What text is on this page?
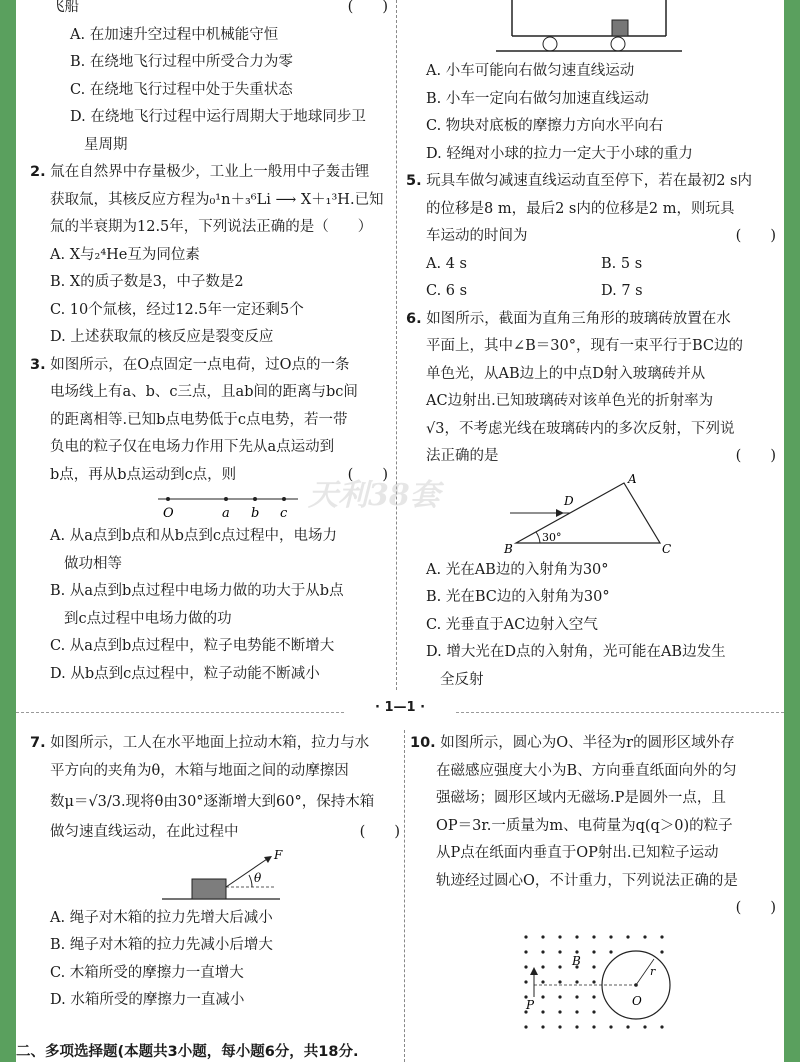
· 1—1 ·
天利38套
飞船	(　　)
A. 在加速升空过程中机械能守恒
B. 在绕地飞行过程中所受合力为零
C. 在绕地飞行过程中处于失重状态
D. 在绕地飞行过程中运行周期大于地球同步卫
星周期
2. 氚在自然界中存量极少，工业上一般用中子轰击锂
获取氚，其核反应方程为₀¹n＋₃⁶Li ⟶ X＋₁³H.已知
氚的半衰期为12.5年，下列说法正确的是（　　）
A. X与₂⁴He互为同位素
B. X的质子数是3，中子数是2
C. 10个氚核，经过12.5年一定还剩5个
D. 上述获取氚的核反应是裂变反应
3. 如图所示，在O点固定一点电荷，过O点的一条
电场线上有a、b、c三点，且ab间的距离与bc间
的距离相等.已知b点电势低于c点电势，若一带
负电的粒子仅在电场力作用下先从a点运动到
b点，再从b点运动到c点，则	(　　)
O	a b c
A. 从a点到b点和从b点到c点过程中，电场力
做功相等
B. 从a点到b点过程中电场力做的功大于从b点
到c点过程中电场力做的功
C. 从a点到b点过程中，粒子电势能不断增大
D. 从b点到c点过程中，粒子动能不断减小
A. 小车可能向右做匀速直线运动
B. 小车一定向右做匀加速直线运动
C. 物块对底板的摩擦力方向水平向右
D. 轻绳对小球的拉力一定大于小球的重力
5. 玩具车做匀减速直线运动直至停下，若在最初2 s内
的位移是8 m，最后2 s内的位移是2 m，则玩具
车运动的时间为	(　　)
A. 4 s	B. 5 s
C. 6 s	D. 7 s
6. 如图所示，截面为直角三角形的玻璃砖放置在水
平面上，其中∠B＝30°，现有一束平行于BC边的
单色光，从AB边上的中点D射入玻璃砖并从
AC边射出.已知玻璃砖对该单色光的折射率为
√3，不考虑光线在玻璃砖内的多次反射，下列说
法正确的是	(　　)
A
D
B
30°
C
A. 光在AB边的入射角为30°
B. 光在BC边的入射角为30°
C. 光垂直于AC边射入空气
D. 增大光在D点的入射角，光可能在AB边发生
全反射
7. 如图所示，工人在水平地面上拉动木箱，拉力与水
平方向的夹角为θ，木箱与地面之间的动摩擦因
数μ＝√3/3.现将θ由30°逐渐增大到60°，保持木箱
做匀速直线运动，在此过程中	(　　)
F
θ
A. 绳子对木箱的拉力先增大后减小
B. 绳子对木箱的拉力先减小后增大
C. 木箱所受的摩擦力一直增大
D. 水箱所受的摩擦力一直减小
二、多项选择题(本题共3小题，每小题6分，共18分.
10. 如图所示，圆心为O、半径为r的圆形区域外存
在磁感应强度大小为B、方向垂直纸面向外的匀
强磁场；圆形区域内无磁场.P是圆外一点，且
OP＝3r.一质量为m、电荷量为q(q＞0)的粒子
从P点在纸面内垂直于OP射出.已知粒子运动
轨迹经过圆心O，不计重力，下列说法正确的是
(　　)
B
r
P	O
